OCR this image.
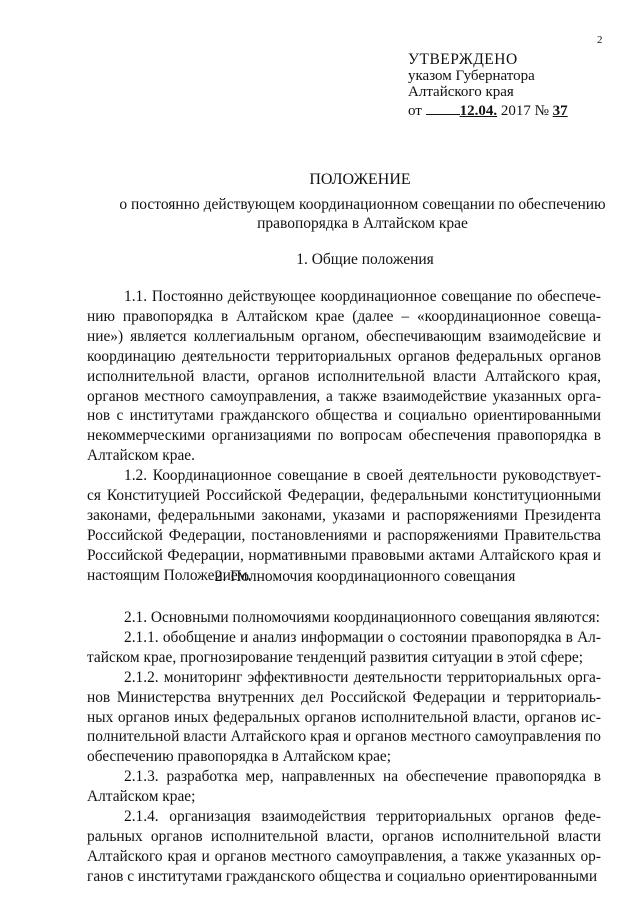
2
УТВЕРЖДЕНО
указом Губернатора
Алтайского края
от	12.04. 2017 № 37
ПОЛОЖЕНИЕ
о постоянно действующем координационном совещании по обеспечению правопорядка в Алтайском крае
1. Общие положения

1.1. Постоянно действующее координационное совещание по обеспече-нию правопорядка в Алтайском крае (далее – «координационное совеща-ние») является коллегиальным органом, обеспечивающим взаимодейсвие и координацию деятельности территориальных органов федеральных органов исполнительной власти, органов исполнительной власти Алтайского края, органов местного самоуправления, а также взаимодействие указанных орга-нов с институтами гражданского общества и социально ориентированными некоммерческими организациями по вопросам обеспечения правопорядка в Алтайском крае.

1.2. Координационное совещание в своей деятельности руководствует-ся Конституцией Российской Федерации, федеральными конституционными законами, федеральными законами, указами и распоряжениями Президента Российской Федерации, постановлениями и распоряжениями Правительства Российской Федерации, нормативными правовыми актами Алтайского края и настоящим Положением.

2. Полномочия координационного совещания

2.1. Основными полномочиями координационного совещания являются:

2.1.1. обобщение и анализ информации о состоянии правопорядка в Ал-тайском крае, прогнозирование тенденций развития ситуации в этой сфере;

2.1.2. мониторинг эффективности деятельности территориальных орга-нов Министерства внутренних дел Российской Федерации и территориаль-ных органов иных федеральных органов исполнительной власти, органов ис-полнительной власти Алтайского края и органов местного самоуправления по обеспечению правопорядка в Алтайском крае;

2.1.3. разработка мер, направленных на обеспечение правопорядка в Алтайском крае;

2.1.4. организация взаимодействия территориальных органов феде-ральных органов исполнительной власти, органов исполнительной власти Алтайского края и органов местного самоуправления, а также указанных ор-ганов с институтами гражданского общества и социально ориентированными
